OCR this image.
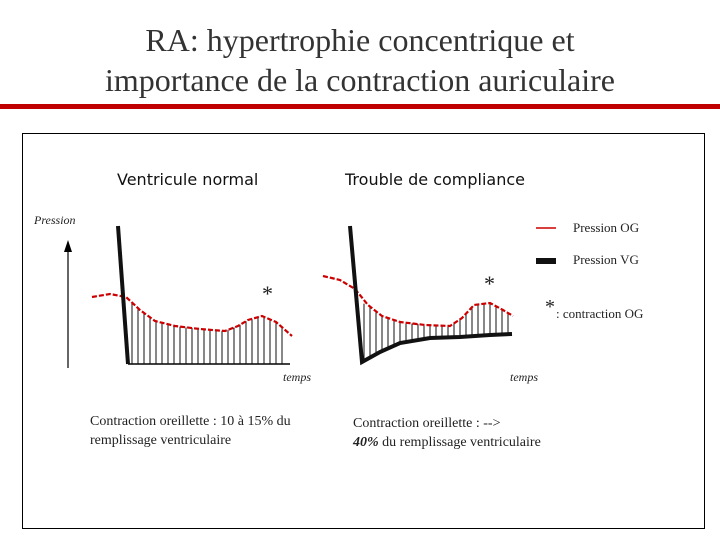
RA: hypertrophie concentrique et
importance de la contraction auriculaire
Ventricule normal	Trouble de compliance
Pression
temps	temps
*	*
Pression OG
Pression VG
* : contraction OG
Contraction oreillette : 10 à 15% du remplissage ventriculaire
Contraction oreillette : -->
40% du remplissage ventriculaire
